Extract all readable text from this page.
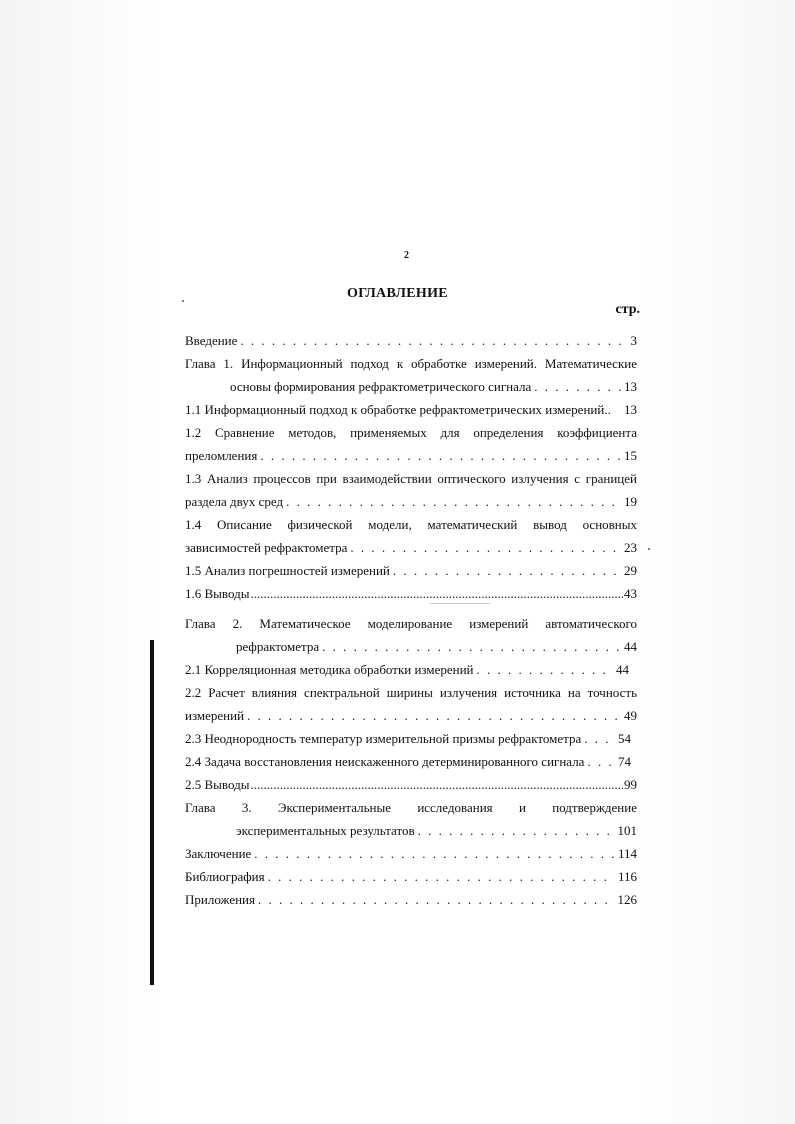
2
ОГЛАВЛЕНИЕ
стр.
Введение . . .	3
Глава 1. Информационный подход к обработке измерений. Математические
основы формирования рефрактометрического сигнала . . .	13
1.1 Информационный подход к обработке рефрактометрических измерений ..	13
1.2 Сравнение методов, применяемых для определения коэффициента
преломления . . .	15
1.3 Анализ процессов при взаимодействии оптического излучения с границей
раздела двух сред . . .	19
1.4 Описание физической модели, математический вывод основных
зависимостей рефрактометра . . .	23
1.5 Анализ погрешностей измерений . . .	29
1.6 Выводы .....	43
Глава 2. Математическое моделирование измерений автоматического
рефрактометра . . .	44
2.1 Корреляционная методика обработки измерений . . .	44
2.2 Расчет влияния спектральной ширины излучения источника на точность
измерений . . .	49
2.3 Неоднородность температур измерительной призмы рефрактометра . . .	54
2.4 Задача восстановления неискаженного детерминированного сигнала . . .	74
2.5 Выводы .....	99
Глава 3. Экспериментальные исследования и подтверждение
экспериментальных результатов . . .	101
Заключение . . .	114
Библиография . . .	116
Приложения . . .	126
